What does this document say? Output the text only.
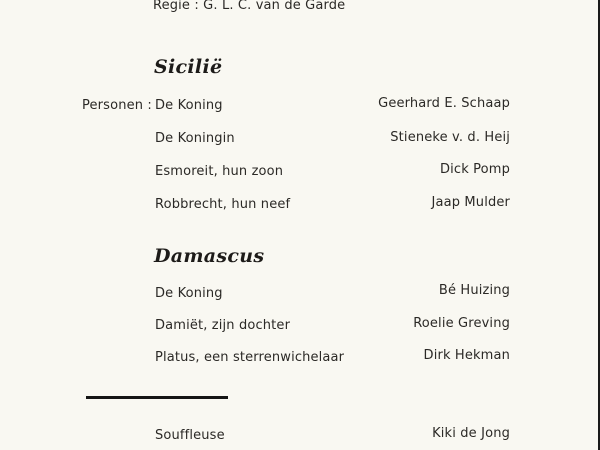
Regie : G. L. C. van de Garde
Sicilië
Personen : De Koning	Geerhard E. Schaap
De Koningin	Stieneke v. d. Heij
Esmoreit, hun zoon	Dick Pomp
Robbrecht, hun neef	Jaap Mulder
Damascus
De Koning	Bé Huizing
Damiët, zijn dochter	Roelie Greving
Platus, een sterrenwichelaar	Dirk Hekman
Souffleuse	Kiki de Jong
